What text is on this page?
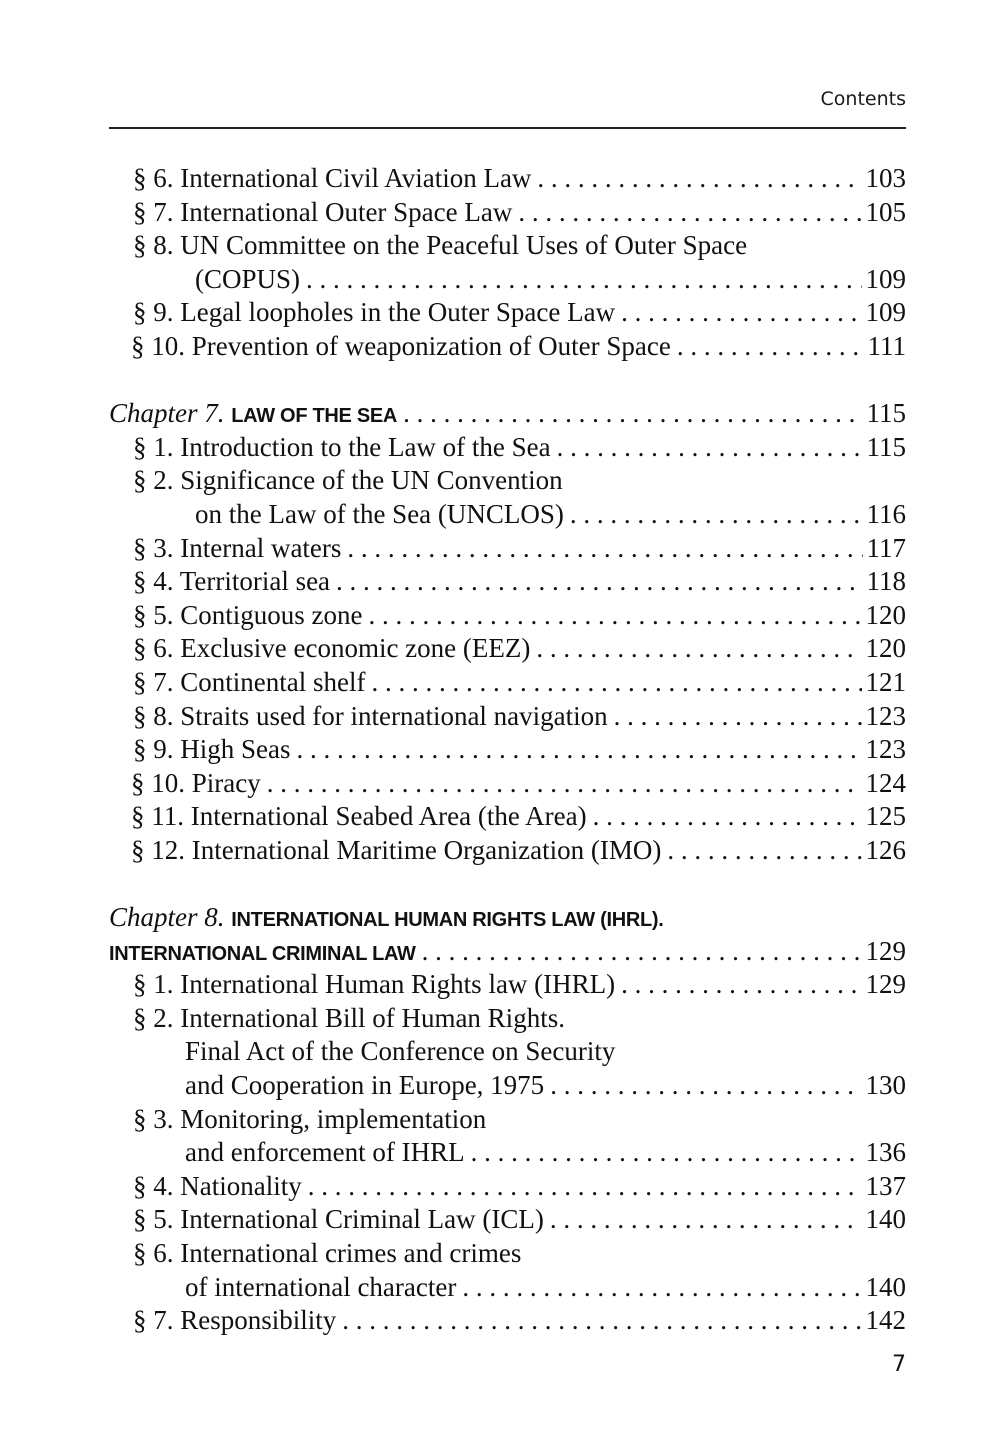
Contents
§ 6. International Civil Aviation Law . . .	103
§ 7. International Outer Space Law . . .	105
§ 8. UN Committee on the Peaceful Uses of Outer Space
(COPUS) . . .	109
§ 9. Legal loopholes in the Outer Space Law . . .	109
§ 10. Prevention of weaponization of Outer Space . . .	111
Chapter 7. LAW OF THE SEA . . .	115
§ 1. Introduction to the Law of the Sea . . .	115
§ 2. Significance of the UN Convention
on the Law of the Sea (UNCLOS) . . .	116
§ 3. Internal waters . . .	117
§ 4. Territorial sea . . .	118
§ 5. Contiguous zone . . .	120
§ 6. Exclusive economic zone (EEZ) . . .	120
§ 7. Continental shelf . . .	121
§ 8. Straits used for international navigation . . .	123
§ 9. High Seas . . .	123
§ 10. Piracy . . .	124
§ 11. International Seabed Area (the Area) . . .	125
§ 12. International Maritime Organization (IMO) . . .	126
Chapter 8. INTERNATIONAL HUMAN RIGHTS LAW (IHRL).
INTERNATIONAL CRIMINAL LAW . . .	129
§ 1. International Human Rights law (IHRL) . . .	129
§ 2. International Bill of Human Rights.
Final Act of the Conference on Security
and Cooperation in Europe, 1975 . . .	130
§ 3. Monitoring, implementation
and enforcement of IHRL . . .	136
§ 4. Nationality . . .	137
§ 5. International Criminal Law (ICL) . . .	140
§ 6. International crimes and crimes
of international character . . .	140
§ 7. Responsibility . . .	142
7
